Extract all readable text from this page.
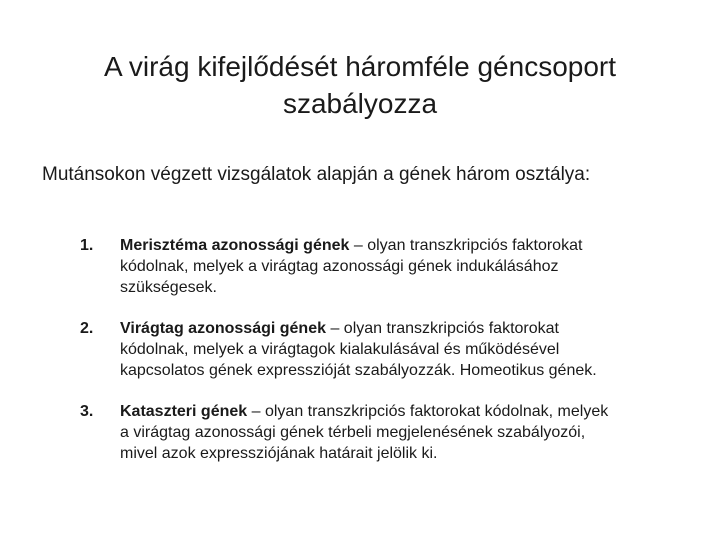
A virág kifejlődését háromféle géncsoport
szabályozza

Mutánsokon végzett vizsgálatok alapján a gének három osztálya:

1.	Merisztéma azonossági gének – olyan transzkripciós faktorokat
kódolnak, melyek a virágtag azonossági gének indukálásához
szükségesek.
2.	Virágtag azonossági gének – olyan transzkripciós faktorokat
kódolnak, melyek a virágtagok kialakulásával és működésével
kapcsolatos gének expresszióját szabályozzák. Homeotikus gének.
3.	Kataszteri gének – olyan transzkripciós faktorokat kódolnak, melyek
a virágtag azonossági gének térbeli megjelenésének szabályozói,
mivel azok expressziójának határait jelölik ki.
